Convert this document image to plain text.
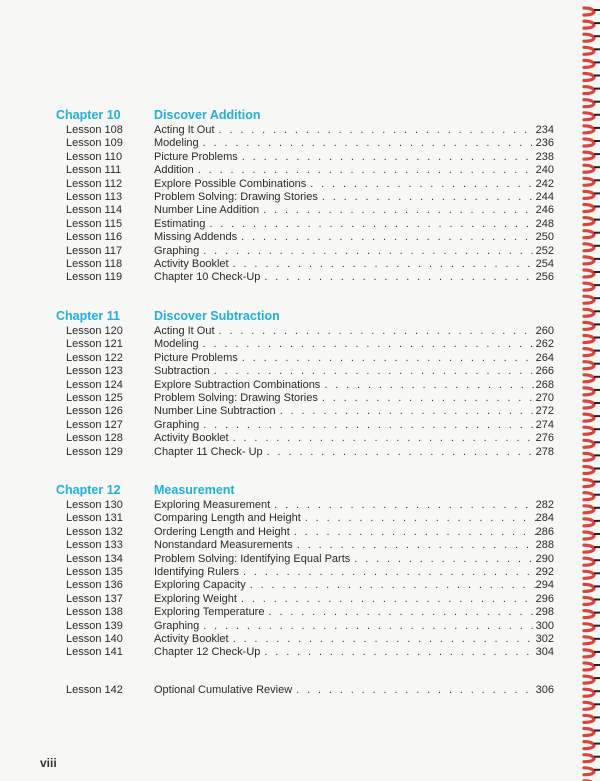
Chapter 10	Discover Addition
Lesson 108	Acting It Out . . .	234
Lesson 109	Modeling . . .	236
Lesson 110	Picture Problems . . .	238
Lesson 111	Addition . . .	240
Lesson 112	Explore Possible Combinations . . .	242
Lesson 113	Problem Solving: Drawing Stories . . .	244
Lesson 114	Number Line Addition . . .	246
Lesson 115	Estimating . . .	248
Lesson 116	Missing Addends . . .	250
Lesson 117	Graphing . . .	252
Lesson 118	Activity Booklet . . .	254
Lesson 119	Chapter 10 Check-Up . . .	256
Chapter 11	Discover Subtraction
Lesson 120	Acting It Out . . .	260
Lesson 121	Modeling . . .	262
Lesson 122	Picture Problems . . .	264
Lesson 123	Subtraction . . .	266
Lesson 124	Explore Subtraction Combinations . . .	268
Lesson 125	Problem Solving: Drawing Stories . . .	270
Lesson 126	Number Line Subtraction . . .	272
Lesson 127	Graphing . . .	274
Lesson 128	Activity Booklet . . .	276
Lesson 129	Chapter 11 Check- Up . . .	278
Chapter 12	Measurement
Lesson 130	Exploring Measurement . . .	282
Lesson 131	Comparing Length and Height . . .	284
Lesson 132	Ordering Length and Height . . .	286
Lesson 133	Nonstandard Measurements . . .	288
Lesson 134	Problem Solving: Identifying Equal Parts . . .	290
Lesson 135	Identifying Rulers . . .	292
Lesson 136	Exploring Capacity . . .	294
Lesson 137	Exploring Weight . . .	296
Lesson 138	Exploring Temperature . . .	298
Lesson 139	Graphing . . .	300
Lesson 140	Activity Booklet . . .	302
Lesson 141	Chapter 12 Check-Up . . .	304
Lesson 142	Optional Cumulative Review . . .	306
viii
